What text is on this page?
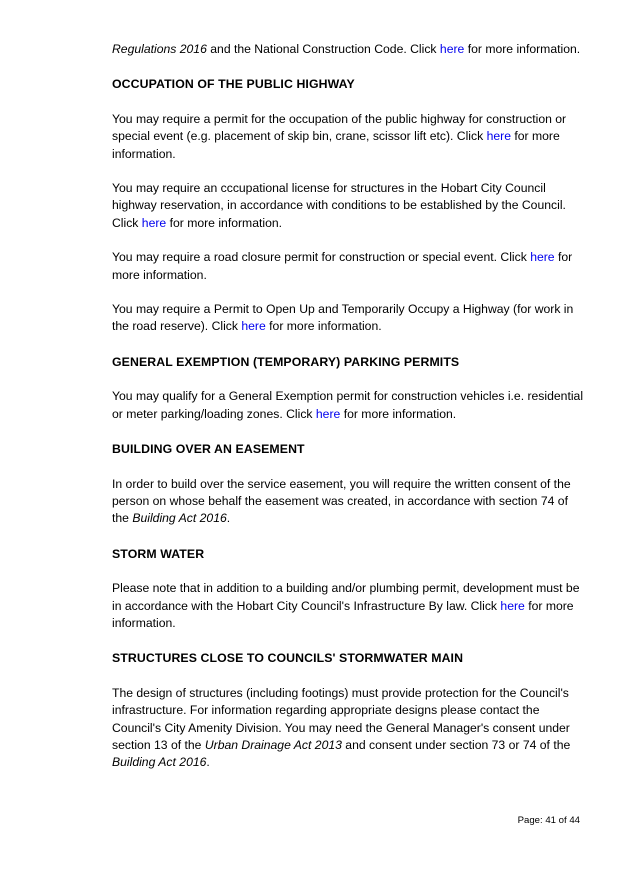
Regulations 2016 and the National Construction Code. Click here for more information.

OCCUPATION OF THE PUBLIC HIGHWAY

You may require a permit for the occupation of the public highway for construction or special event (e.g. placement of skip bin, crane, scissor lift etc). Click here for more information.

You may require an cccupational license for structures in the Hobart City Council highway reservation, in accordance with conditions to be established by the Council. Click here for more information.

You may require a road closure permit for construction or special event. Click here for more information.

You may require a Permit to Open Up and Temporarily Occupy a Highway (for work in the road reserve). Click here for more information.

GENERAL EXEMPTION (TEMPORARY) PARKING PERMITS

You may qualify for a General Exemption permit for construction vehicles i.e. residential or meter parking/loading zones. Click here for more information.

BUILDING OVER AN EASEMENT

In order to build over the service easement, you will require the written consent of the person on whose behalf the easement was created, in accordance with section 74 of the Building Act 2016.

STORM WATER

Please note that in addition to a building and/or plumbing permit, development must be in accordance with the Hobart City Council's Infrastructure By law. Click here for more information.

STRUCTURES CLOSE TO COUNCILS' STORMWATER MAIN

The design of structures (including footings) must provide protection for the Council's infrastructure. For information regarding appropriate designs please contact the Council's City Amenity Division. You may need the General Manager's consent under section 13 of the Urban Drainage Act 2013 and consent under section 73 or 74 of the Building Act 2016.

Page: 41 of 44
